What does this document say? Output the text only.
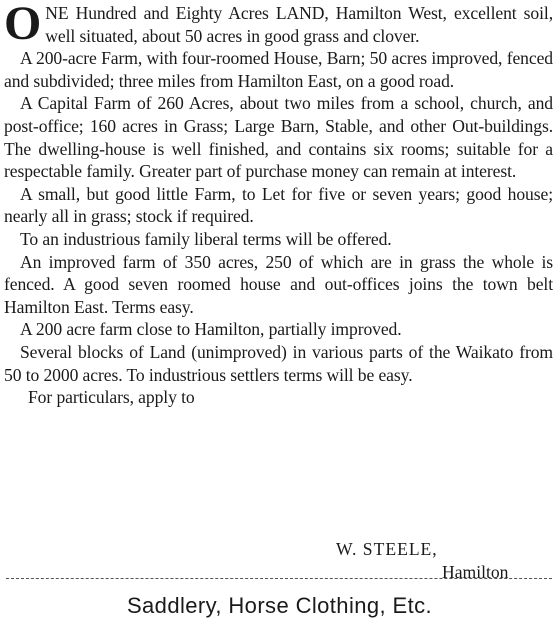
ONE Hundred and Eighty Acres LAND, Hamilton West, excellent soil, well situated, about 50 acres in good grass and clover.

A 200-acre Farm, with four-roomed House, Barn; 50 acres improved, fenced and subdivided; three miles from Hamilton East, on a good road.

A Capital Farm of 260 Acres, about two miles from a school, church, and post-office; 160 acres in Grass; Large Barn, Stable, and other Out-buildings. The dwelling-house is well finished, and contains six rooms; suitable for a respectable family. Greater part of purchase money can remain at interest.

A small, but good little Farm, to Let for five or seven years; good house; nearly all in grass; stock if required.

To an industrious family liberal terms will be offered.

An improved farm of 350 acres, 250 of which are in grass the whole is fenced. A good seven roomed house and out-offices joins the town belt Hamilton East. Terms easy.

A 200 acre farm close to Hamilton, partially improved.

Several blocks of Land (unimproved) in various parts of the Waikato from 50 to 2000 acres. To industrious settlers terms will be easy.

For particulars, apply to

W. STEELE,
Hamilton
Saddlery, Horse Clothing, Etc.
